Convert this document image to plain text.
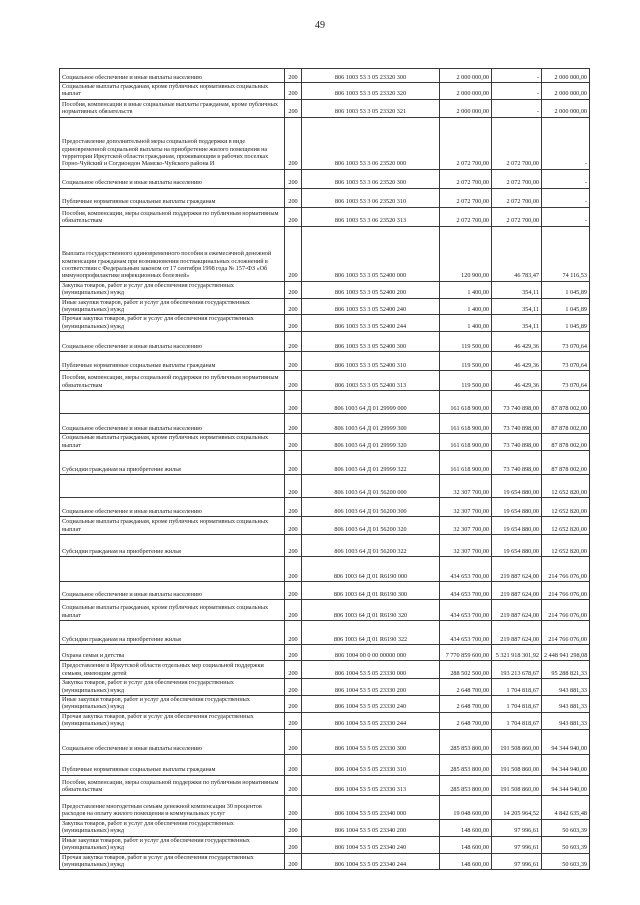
49
Социальное обеспечение и иные выплаты населению	200	806 1003 53 3 05 23320 300	2 000 000,00	-	2 000 000,00
Социальные выплаты гражданам, кроме публичных нормативных социальных выплат	200	806 1003 53 3 05 23320 320	2 000 000,00	-	2 000 000,00
Пособия, компенсации и иные социальные выплаты гражданам, кроме публичных нормативных обязательств	200	806 1003 53 3 05 23320 321	2 000 000,00	-	2 000 000,00
Предоставление дополнительной меры социальной поддержки в виде единовременной социальной выплаты на приобретение жилого помещения на территории Иркутской области гражданам, проживающим в рабочих поселках Горно-Чуйский и Согдиондон Мамско-Чуйского района И	200	806 1003 53 3 06 23520 000	2 072 700,00	2 072 700,00	-
Социальное обеспечение и иные выплаты населению	200	806 1003 53 3 06 23520 300	2 072 700,00	2 072 700,00	-
Публичные нормативные социальные выплаты гражданам	200	806 1003 53 3 06 23520 310	2 072 700,00	2 072 700,00	-
Пособия, компенсации, меры социальной поддержки по публичным нормативным обязательствам	200	806 1003 53 3 06 23520 313	2 072 700,00	2 072 700,00	-
Выплата государственного единовременного пособия и ежемесячной денежной компенсации гражданам при возникновении поствакцинальных осложнений в соответствии с Федеральным законом от 17 сентября 1998 года № 157-ФЗ «Об иммунопрофилактике инфекционных болезней»	200	806 1003 53 3 05 52400 000	120 900,00	46 783,47	74 116,53
Закупка товаров, работ и услуг для обеспечения государственных (муниципальных) нужд	200	806 1003 53 3 05 52400 200	1 400,00	354,11	1 045,89
Иные закупки товаров, работ и услуг для обеспечения государственных (муниципальных) нужд	200	806 1003 53 3 05 52400 240	1 400,00	354,11	1 045,89
Прочая закупка товаров, работ и услуг для обеспечения государственных (муниципальных) нужд	200	806 1003 53 3 05 52400 244	1 400,00	354,11	1 045,89
Социальное обеспечение и иные выплаты населению	200	806 1003 53 3 05 52400 300	119 500,00	46 429,36	73 070,64
Публичные нормативные социальные выплаты гражданам	200	806 1003 53 3 05 52400 310	119 500,00	46 429,36	73 070,64
Пособия, компенсации, меры социальной поддержки по публичным нормативным обязательствам	200	806 1003 53 3 05 52400 313	119 500,00	46 429,36	73 070,64
	200	806 1003 64 Д 01 29999 000	161 618 900,00	73 740 898,00	87 878 002,00
Социальное обеспечение и иные выплаты населению	200	806 1003 64 Д 01 29999 300	161 618 900,00	73 740 898,00	87 878 002,00
Социальные выплаты гражданам, кроме публичных нормативных социальных выплат	200	806 1003 64 Д 01 29999 320	161 618 900,00	73 740 898,00	87 878 002,00
Субсидии гражданам на приобретение жилья	200	806 1003 64 Д 01 29999 322	161 618 900,00	73 740 898,00	87 878 002,00
	200	806 1003 64 Д 01 56200 000	32 307 700,00	19 654 880,00	12 652 820,00
Социальное обеспечение и иные выплаты населению	200	806 1003 64 Д 01 56200 300	32 307 700,00	19 654 880,00	12 652 820,00
Социальные выплаты гражданам, кроме публичных нормативных социальных выплат	200	806 1003 64 Д 01 56200 320	32 307 700,00	19 654 880,00	12 652 820,00
Субсидии гражданам на приобретение жилья	200	806 1003 64 Д 01 56200 322	32 307 700,00	19 654 880,00	12 652 820,00
	200	806 1003 64 Д 01 R6190 000	434 653 700,00	219 887 624,00	214 766 076,00
Социальное обеспечение и иные выплаты населению	200	806 1003 64 Д 01 R6190 300	434 653 700,00	219 887 624,00	214 766 076,00
Социальные выплаты гражданам, кроме публичных нормативных социальных выплат	200	806 1003 64 Д 01 R6190 320	434 653 700,00	219 887 624,00	214 766 076,00
Субсидии гражданам на приобретение жилья	200	806 1003 64 Д 01 R6190 322	434 653 700,00	219 887 624,00	214 766 076,00
Охрана семьи и детства	200	806 1004 00 0 00 00000 000	7 770 859 600,00	5 321 918 301,92	2 448 941 298,08
Предоставление в Иркутской области отдельных мер социальной поддержки семьям, имеющим детей	200	806 1004 53 5 05 23330 000	288 502 500,00	193 213 678,67	95 288 821,33
Закупка товаров, работ и услуг для обеспечения государственных (муниципальных) нужд	200	806 1004 53 5 05 23330 200	2 648 700,00	1 704 818,67	943 881,33
Иные закупки товаров, работ и услуг для обеспечения государственных (муниципальных) нужд	200	806 1004 53 5 05 23330 240	2 648 700,00	1 704 818,67	943 881,33
Прочая закупка товаров, работ и услуг для обеспечения государственных (муниципальных) нужд	200	806 1004 53 5 05 23330 244	2 648 700,00	1 704 818,67	943 881,33
Социальное обеспечение и иные выплаты населению	200	806 1004 53 5 05 23330 300	285 853 800,00	191 508 860,00	94 344 940,00
Публичные нормативные социальные выплаты гражданам	200	806 1004 53 5 05 23330 310	285 853 800,00	191 508 860,00	94 344 940,00
Пособия, компенсации, меры социальной поддержки по публичным нормативным обязательствам	200	806 1004 53 5 05 23330 313	285 853 800,00	191 508 860,00	94 344 940,00
Предоставление многодетным семьям денежной компенсации 30 процентов расходов на оплату жилого помещения и коммунальных услуг	200	806 1004 53 5 05 23340 000	19 048 600,00	14 205 964,52	4 842 635,48
Закупка товаров, работ и услуг для обеспечения государственных (муниципальных) нужд	200	806 1004 53 5 05 23340 200	148 600,00	97 996,61	50 603,39
Иные закупки товаров, работ и услуг для обеспечения государственных (муниципальных) нужд	200	806 1004 53 5 05 23340 240	148 600,00	97 996,61	50 603,39
Прочая закупка товаров, работ и услуг для обеспечения государственных (муниципальных) нужд	200	806 1004 53 5 05 23340 244	148 600,00	97 996,61	50 603,39
